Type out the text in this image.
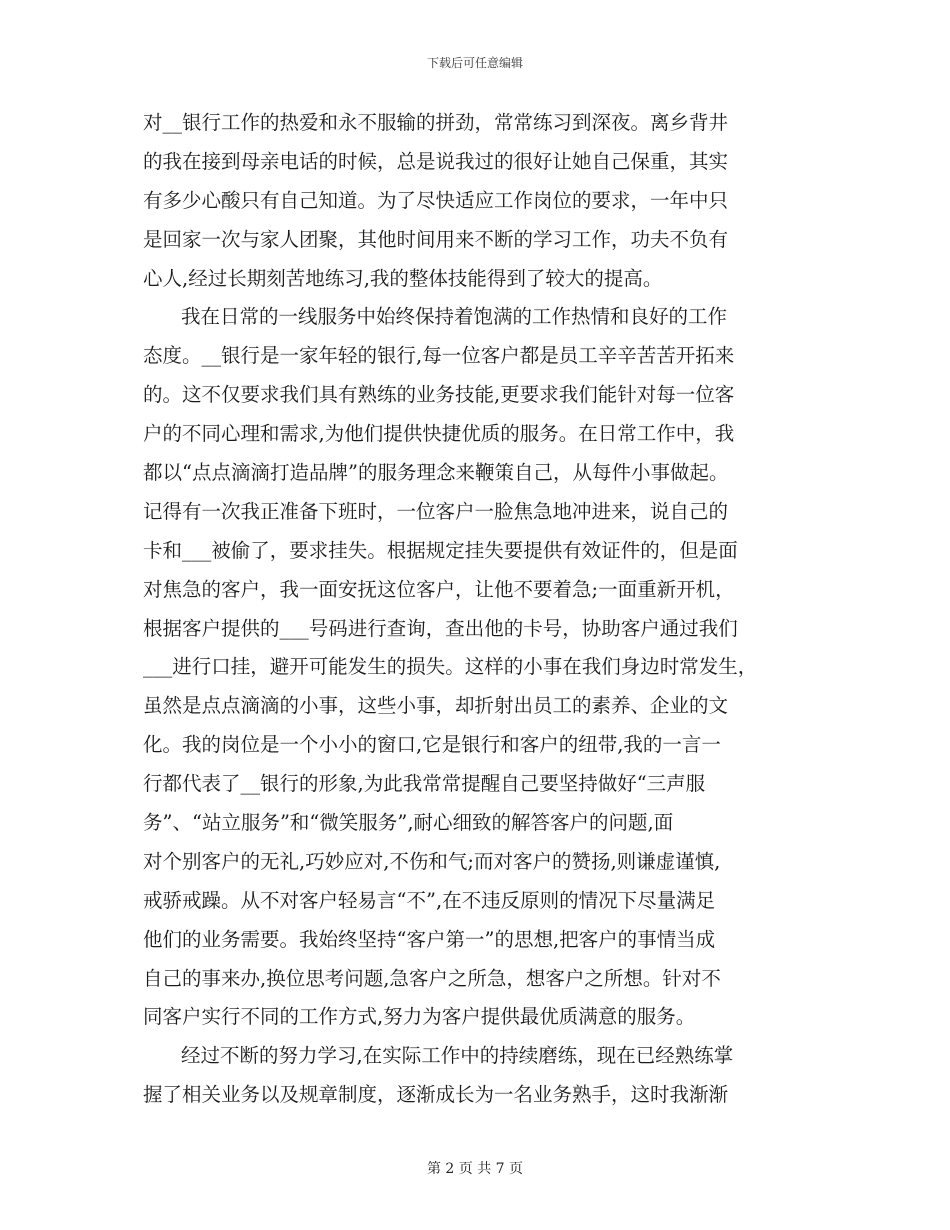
下载后可任意编辑
对__银行工作的热爱和永不服输的拼劲，常常练习到深夜。离乡背井
的我在接到母亲电话的时候，总是说我过的很好让她自己保重，其实
有多少心酸只有自己知道。为了尽快适应工作岗位的要求，一年中只
是回家一次与家人团聚，其他时间用来不断的学习工作，功夫不负有
心人,经过长期刻苦地练习,我的整体技能得到了较大的提高。
我在日常的一线服务中始终保持着饱满的工作热情和良好的工作
态度。__银行是一家年轻的银行,每一位客户都是员工辛辛苦苦开拓来
的。这不仅要求我们具有熟练的业务技能,更要求我们能针对每一位客
户的不同心理和需求,为他们提供快捷优质的服务。在日常工作中，我
都以“点点滴滴打造品牌”的服务理念来鞭策自己，从每件小事做起。
记得有一次我正准备下班时，一位客户一脸焦急地冲进来，说自己的
卡和___被偷了，要求挂失。根据规定挂失要提供有效证件的，但是面
对焦急的客户，我一面安抚这位客户，让他不要着急;一面重新开机，
根据客户提供的___号码进行查询，查出他的卡号，协助客户通过我们
___进行口挂，避开可能发生的损失。这样的小事在我们身边时常发生，
虽然是点点滴滴的小事，这些小事，却折射出员工的素养、企业的文
化。我的岗位是一个小小的窗口,它是银行和客户的纽带,我的一言一
行都代表了__银行的形象,为此我常常提醒自己要坚持做好“三声服
务”、“站立服务”和“微笑服务”,耐心细致的解答客户的问题,面
对个别客户的无礼,巧妙应对,不伤和气;而对客户的赞扬,则谦虚谨慎,
戒骄戒躁。从不对客户轻易言“不”,在不违反原则的情况下尽量满足
他们的业务需要。我始终坚持“客户第一”的思想,把客户的事情当成
自己的事来办,换位思考问题,急客户之所急，想客户之所想。针对不
同客户实行不同的工作方式,努力为客户提供最优质满意的服务。
经过不断的努力学习,在实际工作中的持续磨练，现在已经熟练掌
握了相关业务以及规章制度，逐渐成长为一名业务熟手，这时我渐渐
第 2 页 共 7 页
